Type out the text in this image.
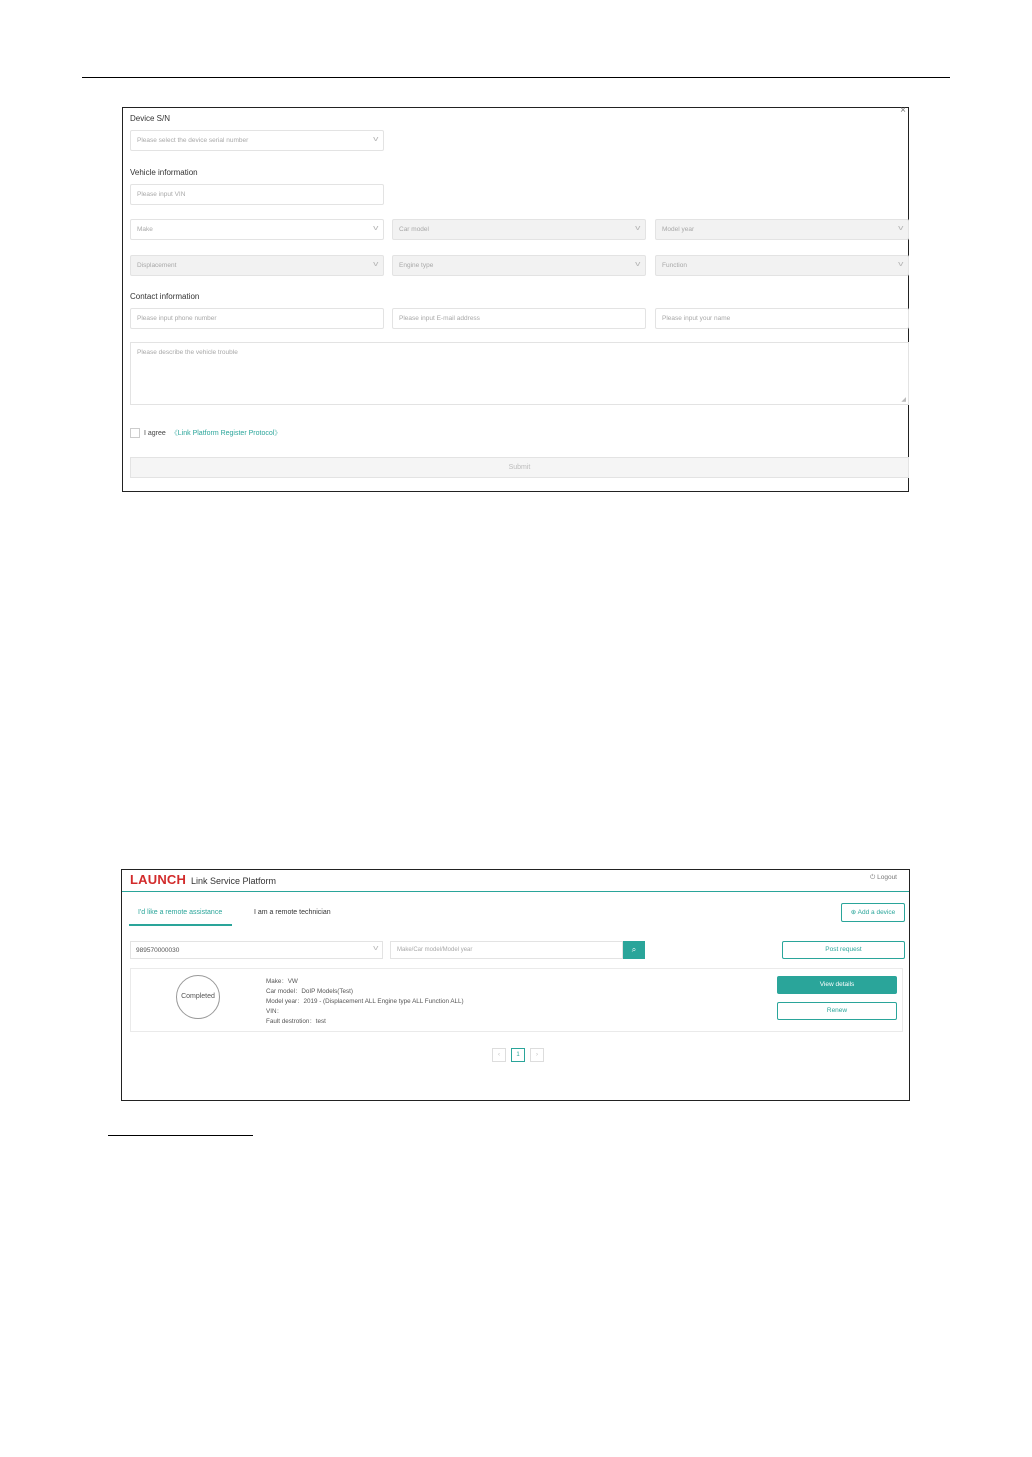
×
Device S/N
Please select the device serial number	v
Vehicle information
Please input VIN
Make	v	Car model	v	Model year	v
Displacement	v	Engine type	v	Function	v
Contact information
Please input phone number	Please input E-mail address	Please input your name
Please describe the vehicle trouble
◢
I agree 《Link Platform Register Protocol》
Submit
LAUNCH Link Service Platform	⏻ Logout
I'd like a remote assistance	I am a remote technician	⊕ Add a device
989570000030	v	Make/Car model/Model year	⌕	Post request
Completed
Make：VW
Car model：DoIP Models(Test)
Model year：2019 - (Displacement ALL Engine type ALL Function ALL)
VIN：
Fault destrotion：test
View details
Renew
‹	1	›
